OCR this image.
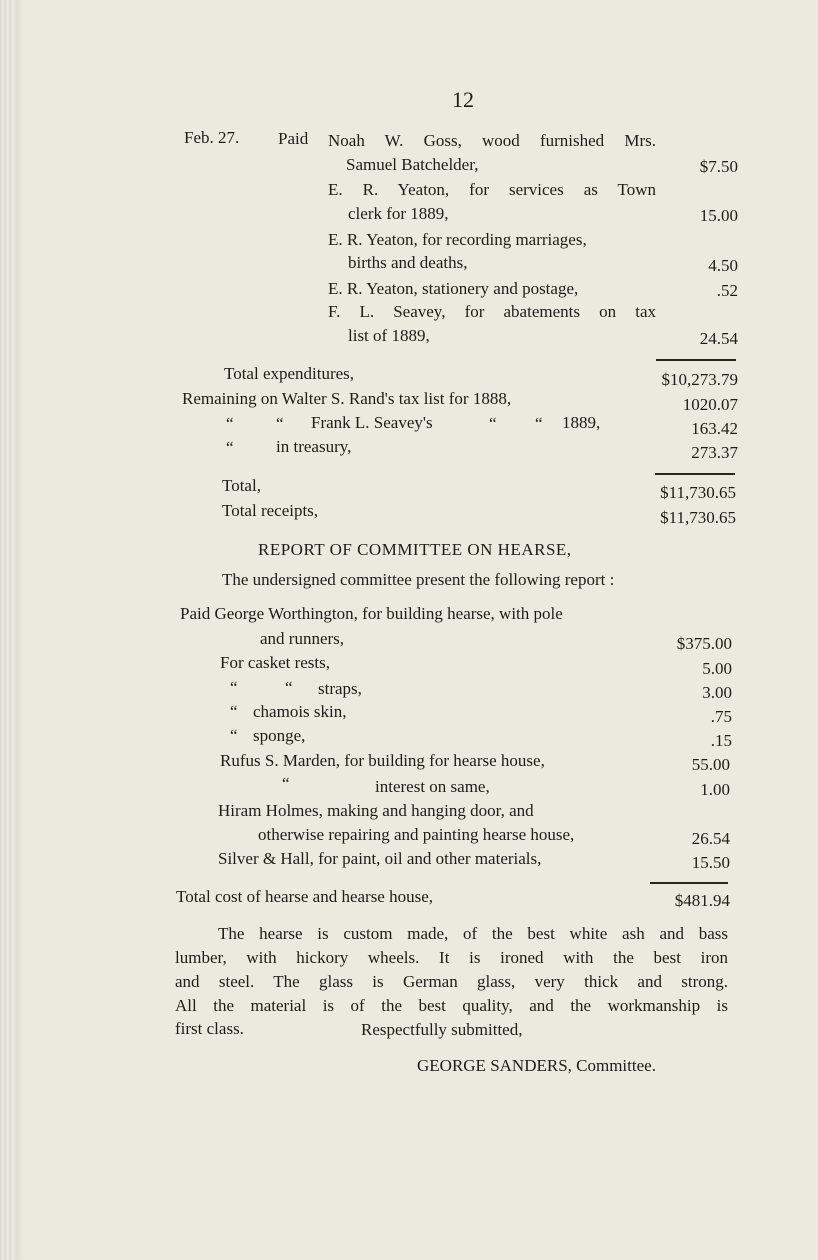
12
Feb. 27. Paid Noah W. Goss, wood furnished Mrs.
Samuel Batchelder,	$7.50
E. R. Yeaton, for services as Town
clerk for 1889,	15.00
E. R. Yeaton, for recording marriages,
births and deaths,	4.50
E. R. Yeaton, stationery and postage,	.52
F. L. Seavey, for abatements on tax
list of 1889,	24.54
Total expenditures,	$10,273.79
Remaining on Walter S. Rand's tax list for 1888,	1020.07
“ “ Frank L. Seavey's	“ “ 1889,	163.42
“ in treasury,	273.37
Total,	$11,730.65
Total receipts,	$11,730.65
REPORT OF COMMITTEE ON HEARSE,
The undersigned committee present the following report :
Paid George Worthington, for building hearse, with pole
and runners,	$375.00
For casket rests,	5.00
“	“ straps,	3.00
“ chamois skin,	.75
“ sponge,	.15
Rufus S. Marden, for building for hearse house,	55.00
“	interest on same,	1.00
Hiram Holmes, making and hanging door, and
otherwise repairing and painting hearse house,	26.54
Silver & Hall, for paint, oil and other materials,	15.50
Total cost of hearse and hearse house,	$481.94
The hearse is custom made, of the best white ash and bass
lumber, with hickory wheels. It is ironed with the best iron
and steel. The glass is German glass, very thick and strong.
All the material is of the best quality, and the workmanship is
first class.	Respectfully submitted,
GEORGE SANDERS, Committee.
